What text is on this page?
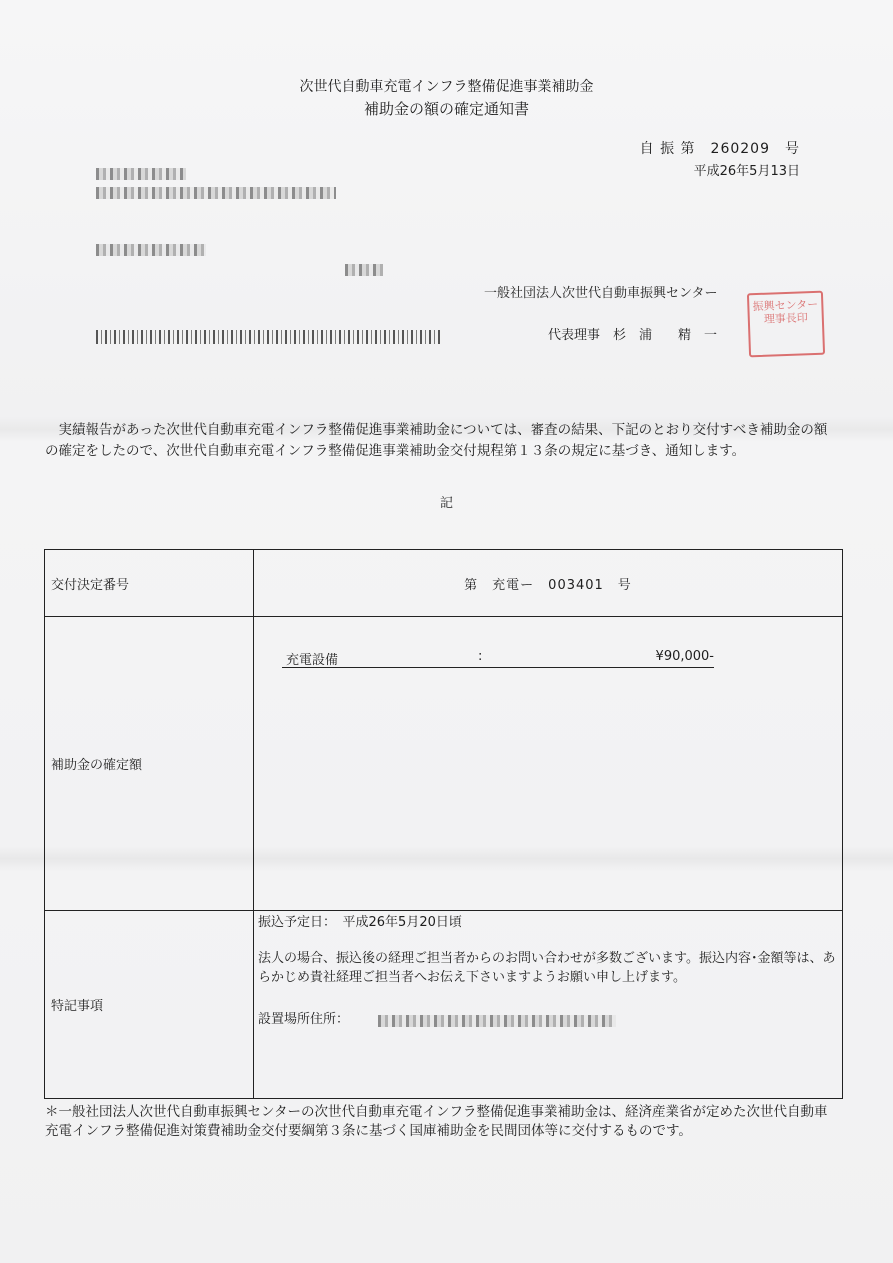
次世代自動車充電インフラ整備促進事業補助金
補助金の額の確定通知書
自 振 第　260209　号
平成26年5月13日
一般社団法人次世代自動車振興センター
代表理事　杉　浦　　精　一
振興センター 理事長印
実績報告があった次世代自動車充電インフラ整備促進事業補助金については、審査の結果、下記のとおり交付すべき補助金の額の確定をしたので、次世代自動車充電インフラ整備促進事業補助金交付規程第１３条の規定に基づき、通知します。
記
交付決定番号	第　充電ー　003401　号
補助金の確定額	充電設備 : ¥90,000-

特記事項	振込予定日：　平成26年5月20日頃
法人の場合、振込後の経理ご担当者からのお問い合わせが多数ございます。振込内容･金額等は、あらかじめ貴社経理ご担当者へお伝え下さいますようお願い申し上げます。
設置場所住所：
＊一般社団法人次世代自動車振興センターの次世代自動車充電インフラ整備促進事業補助金は、経済産業省が定めた次世代自動車充電インフラ整備促進対策費補助金交付要綱第３条に基づく国庫補助金を民間団体等に交付するものです。
